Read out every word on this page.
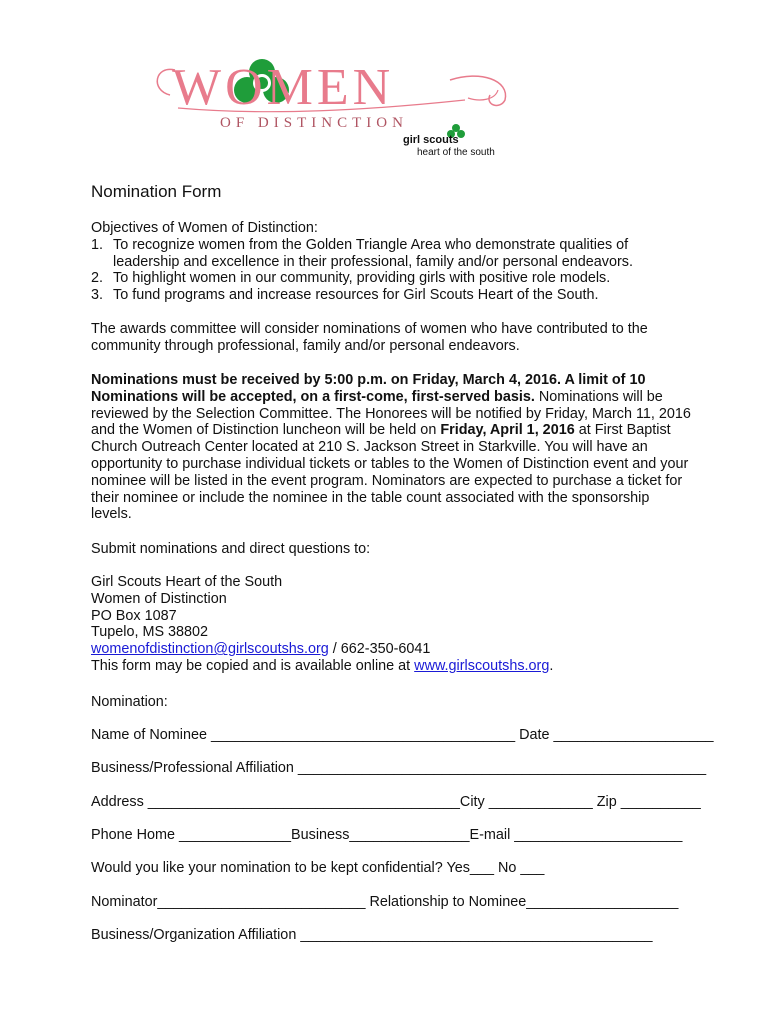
WOMEN
OF DISTINCTION
girl scouts
heart of the south
Nomination Form
Objectives of Women of Distinction:
1. To recognize women from the Golden Triangle Area who demonstrate qualities of leadership and excellence in their professional, family and/or personal endeavors.
2. To highlight women in our community, providing girls with positive role models.
3. To fund programs and increase resources for Girl Scouts Heart of the South.
The awards committee will consider nominations of women who have contributed to the community through professional, family and/or personal endeavors.
Nominations must be received by 5:00 p.m. on Friday, March 4, 2016. A limit of 10 Nominations will be accepted, on a first-come, first-served basis. Nominations will be reviewed by the Selection Committee. The Honorees will be notified by Friday, March 11, 2016 and the Women of Distinction luncheon will be held on Friday, April 1, 2016 at First Baptist Church Outreach Center located at 210 S. Jackson Street in Starkville. You will have an opportunity to purchase individual tickets or tables to the Women of Distinction event and your nominee will be listed in the event program. Nominators are expected to purchase a ticket for their nominee or include the nominee in the table count associated with the sponsorship levels.
Submit nominations and direct questions to:
Girl Scouts Heart of the South
Women of Distinction
PO Box 1087
Tupelo, MS 38802
womenofdistinction@girlscoutshs.org / 662-350-6041
This form may be copied and is available online at www.girlscoutshs.org.
Nomination:
Name of Nominee ______________________________________ Date ____________________
Business/Professional Affiliation ___________________________________________________
Address _______________________________________City _____________ Zip __________
Phone Home ______________Business_______________E-mail _____________________
Would you like your nomination to be kept confidential? Yes___ No ___
Nominator__________________________ Relationship to Nominee___________________
Business/Organization Affiliation ____________________________________________
